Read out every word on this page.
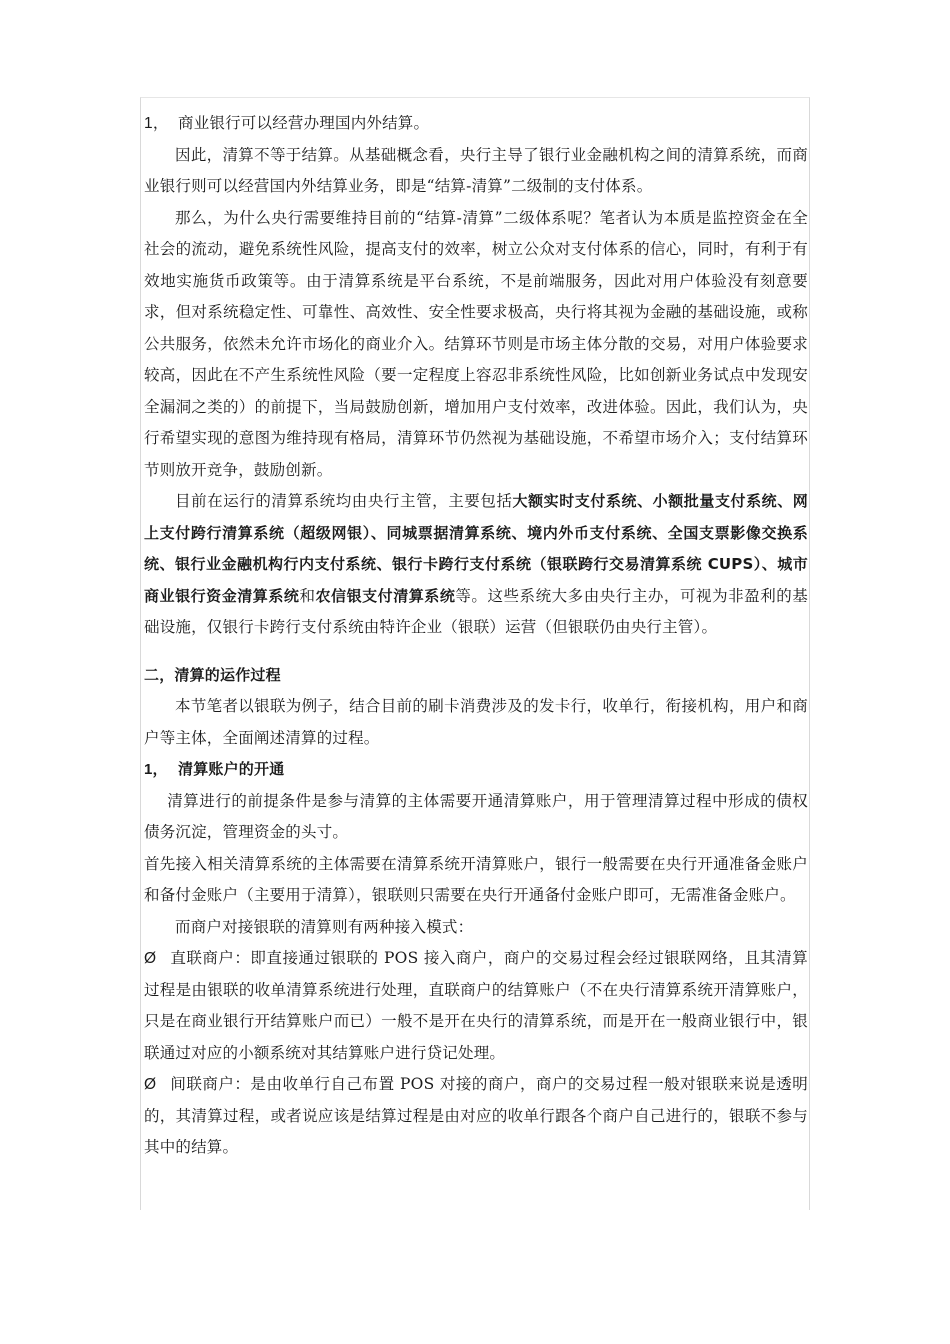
1， 商业银行可以经营办理国内外结算。

因此，清算不等于结算。从基础概念看，央行主导了银行业金融机构之间的清算系统，而商业银行则可以经营国内外结算业务，即是“结算-清算”二级制的支付体系。

那么，为什么央行需要维持目前的“结算-清算”二级体系呢？笔者认为本质是监控资金在全社会的流动，避免系统性风险，提高支付的效率，树立公众对支付体系的信心，同时，有利于有效地实施货币政策等。由于清算系统是平台系统，不是前端服务，因此对用户体验没有刻意要求，但对系统稳定性、可靠性、高效性、安全性要求极高，央行将其视为金融的基础设施，或称公共服务，依然未允许市场化的商业介入。结算环节则是市场主体分散的交易，对用户体验要求较高，因此在不产生系统性风险（要一定程度上容忍非系统性风险，比如创新业务试点中发现安全漏洞之类的）的前提下，当局鼓励创新，增加用户支付效率，改进体验。因此，我们认为，央行希望实现的意图为维持现有格局，清算环节仍然视为基础设施，不希望市场介入；支付结算环节则放开竞争，鼓励创新。

目前在运行的清算系统均由央行主管，主要包括大额实时支付系统、小额批量支付系统、网上支付跨行清算系统（超级网银）、同城票据清算系统、境内外币支付系统、全国支票影像交换系统、银行业金融机构行内支付系统、银行卡跨行支付系统（银联跨行交易清算系统 CUPS）、城市商业银行资金清算系统和农信银支付清算系统等。这些系统大多由央行主办，可视为非盈利的基础设施，仅银行卡跨行支付系统由特许企业（银联）运营（但银联仍由央行主管）。

二，清算的运作过程

本节笔者以银联为例子，结合目前的刷卡消费涉及的发卡行，收单行，衔接机构，用户和商户等主体，全面阐述清算的过程。

1， 清算账户的开通

清算进行的前提条件是参与清算的主体需要开通清算账户，用于管理清算过程中形成的债权债务沉淀，管理资金的头寸。

首先接入相关清算系统的主体需要在清算系统开清算账户，银行一般需要在央行开通准备金账户和备付金账户（主要用于清算），银联则只需要在央行开通备付金账户即可，无需准备金账户。

而商户对接银联的清算则有两种接入模式：

Ø 直联商户：即直接通过银联的 POS 接入商户，商户的交易过程会经过银联网络，且其清算过程是由银联的收单清算系统进行处理，直联商户的结算账户（不在央行清算系统开清算账户，只是在商业银行开结算账户而已）一般不是开在央行的清算系统，而是开在一般商业银行中，银联通过对应的小额系统对其结算账户进行贷记处理。

Ø 间联商户：是由收单行自己布置 POS 对接的商户，商户的交易过程一般对银联来说是透明的，其清算过程，或者说应该是结算过程是由对应的收单行跟各个商户自己进行的，银联不参与其中的结算。
